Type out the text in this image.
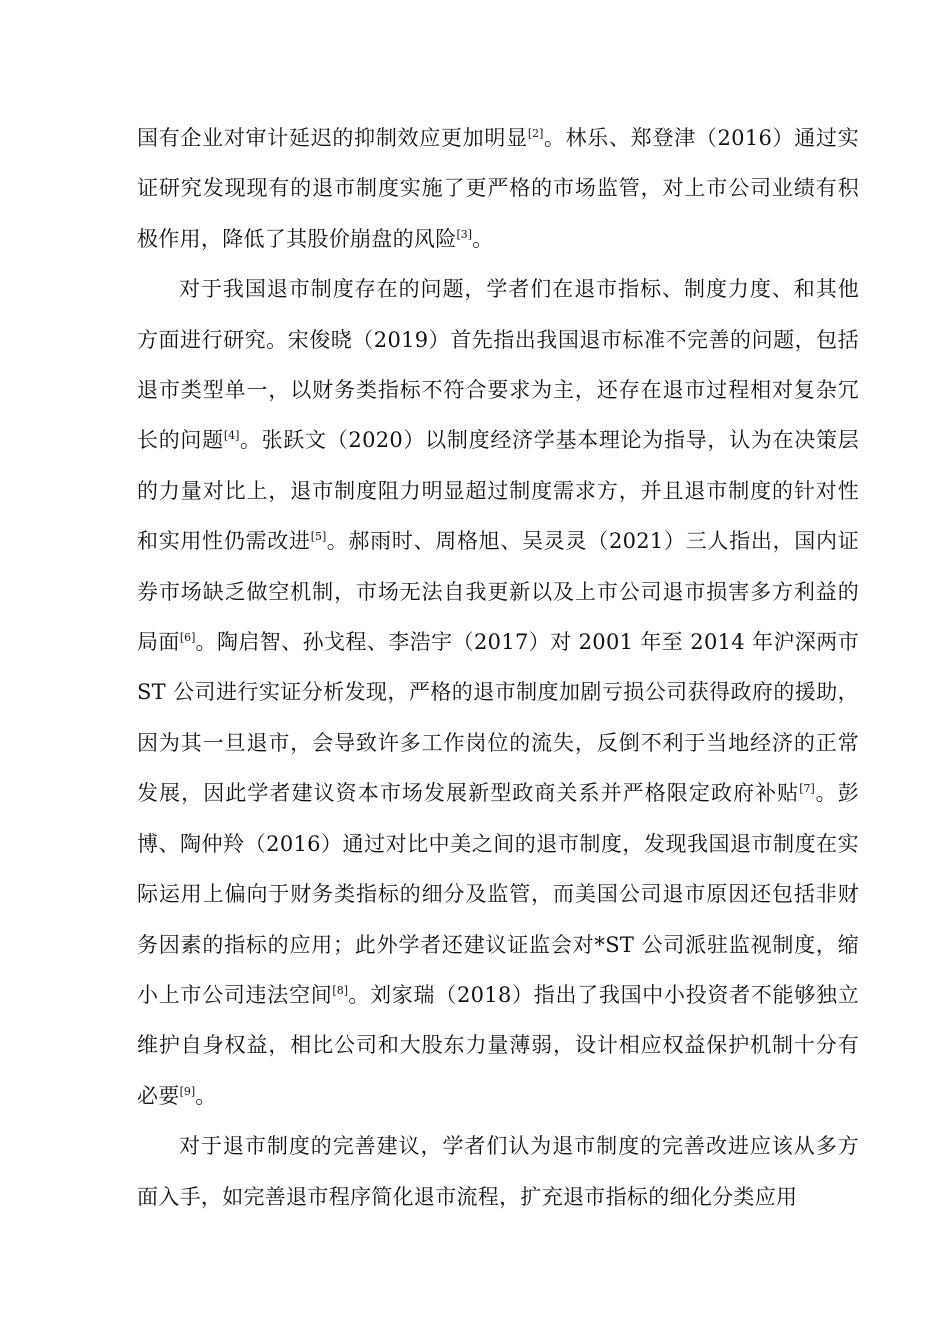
国有企业对审计延迟的抑制效应更加明显[2]。林乐、郑登津（2016）通过实证研究发现现有的退市制度实施了更严格的市场监管，对上市公司业绩有积极作用，降低了其股价崩盘的风险[3]。

对于我国退市制度存在的问题，学者们在退市指标、制度力度、和其他方面进行研究。宋俊晓（2019）首先指出我国退市标准不完善的问题，包括退市类型单一，以财务类指标不符合要求为主，还存在退市过程相对复杂冗长的问题[4]。张跃文（2020）以制度经济学基本理论为指导，认为在决策层的力量对比上，退市制度阻力明显超过制度需求方，并且退市制度的针对性和实用性仍需改进[5]。郝雨时、周格旭、吴灵灵（2021）三人指出，国内证券市场缺乏做空机制，市场无法自我更新以及上市公司退市损害多方利益的局面[6]。陶启智、孙戈程、李浩宇（2017）对 2001 年至 2014 年沪深两市 ST 公司进行实证分析发现，严格的退市制度加剧亏损公司获得政府的援助，因为其一旦退市，会导致许多工作岗位的流失，反倒不利于当地经济的正常发展，因此学者建议资本市场发展新型政商关系并严格限定政府补贴[7]。彭博、陶仲羚（2016）通过对比中美之间的退市制度，发现我国退市制度在实际运用上偏向于财务类指标的细分及监管，而美国公司退市原因还包括非财务因素的指标的应用；此外学者还建议证监会对*ST 公司派驻监视制度，缩小上市公司违法空间[8]。刘家瑞（2018）指出了我国中小投资者不能够独立维护自身权益，相比公司和大股东力量薄弱，设计相应权益保护机制十分有必要[9]。

对于退市制度的完善建议，学者们认为退市制度的完善改进应该从多方面入手，如完善退市程序简化退市流程，扩充退市指标的细化分类应用
